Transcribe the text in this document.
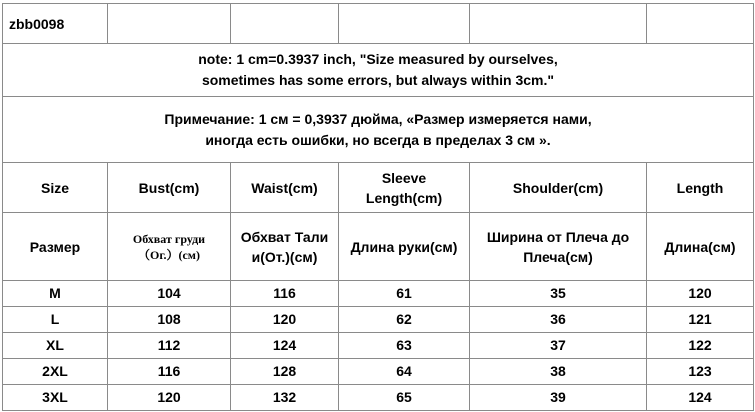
zbb0098					

note: 1 cm=0.3937 inch, "Size measured by ourselves,
sometimes has some errors, but always within 3cm."					

Примечание: 1 см = 0,3937 дюйма, «Размер измеряется нами,
иногда есть ошибки, но всегда в пределах 3 см ».					

Size	Bust(cm)	Waist(cm)	Sleeve Length(cm)	Shoulder(cm)	Length
Размер	Обхват груди（Ог.）(см)	Обхват Тали и(От.)(см)	Длина руки(см)	Ширина от Плеча до Плеча(см)	Длина(см)
M	104	116	61	35	120
L	108	120	62	36	121
XL	112	124	63	37	122
2XL	116	128	64	38	123
3XL	120	132	65	39	124
